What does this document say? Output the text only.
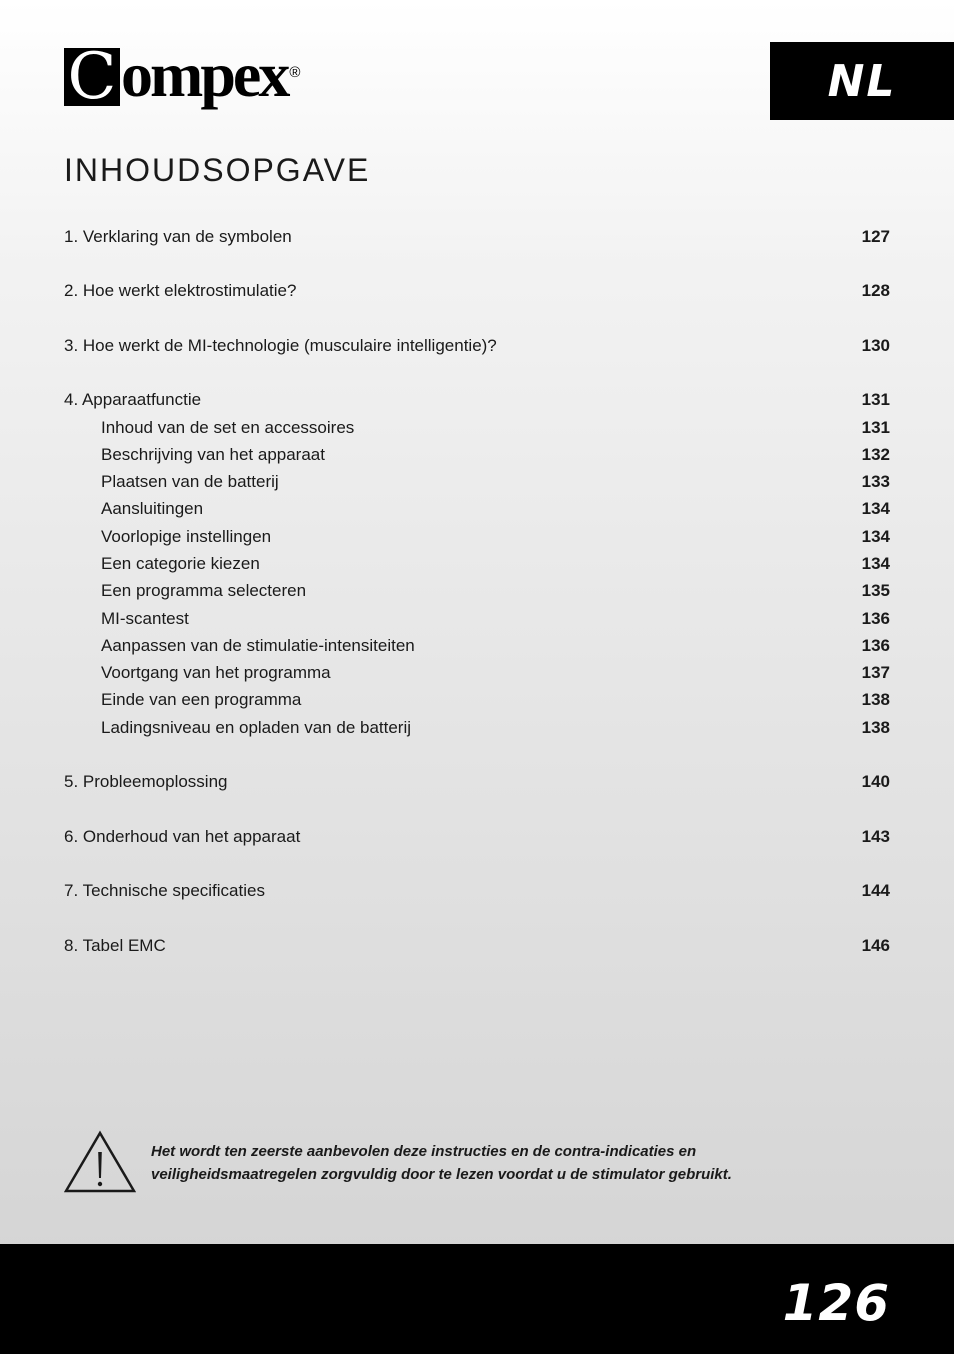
C ompex ®	NL
INHOUDSOPGAVE
1. Verklaring van de symbolen	127
2. Hoe werkt elektrostimulatie?	128
3. Hoe werkt de MI-technologie (musculaire intelligentie)?	130
4. Apparaatfunctie	131
Inhoud van de set en accessoires	131
Beschrijving van het apparaat	132
Plaatsen van de batterij	133
Aansluitingen	134
Voorlopige instellingen	134
Een categorie kiezen	134
Een programma selecteren	135
MI-scantest	136
Aanpassen van de stimulatie-intensiteiten	136
Voortgang van het programma	137
Einde van een programma	138
Ladingsniveau en opladen van de batterij	138
5. Probleemoplossing	140
6. Onderhoud van het apparaat	143
7. Technische specificaties	144
8. Tabel EMC	146
Het wordt ten zeerste aanbevolen deze instructies en de contra-indicaties en
veiligheidsmaatregelen zorgvuldig door te lezen voordat u de stimulator gebruikt.
126
